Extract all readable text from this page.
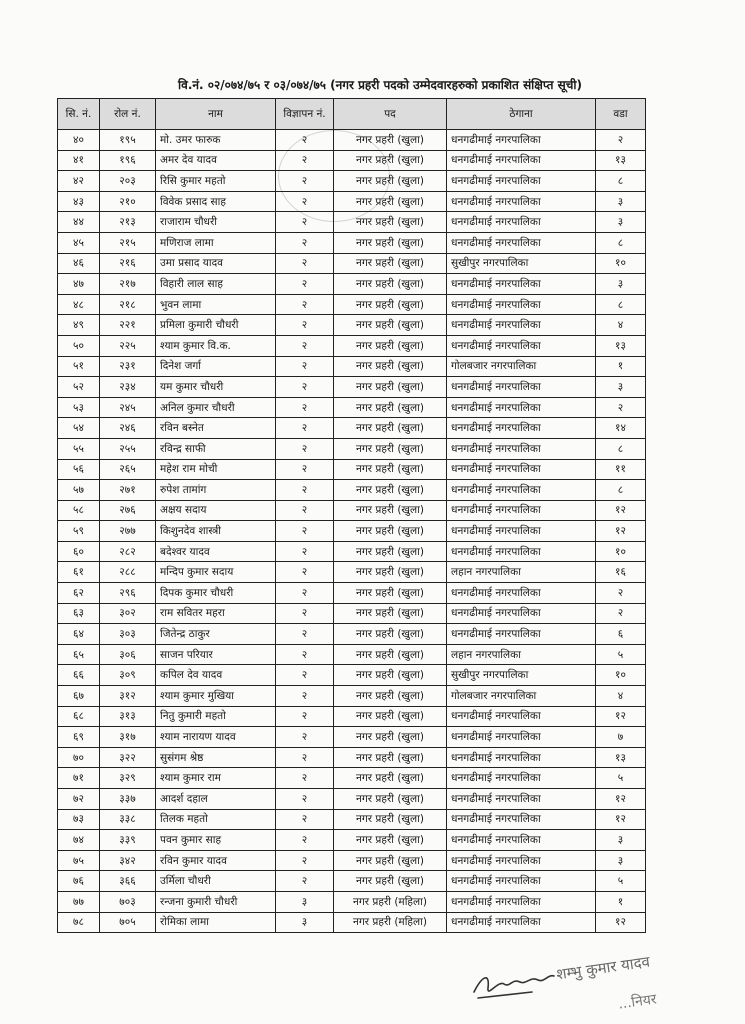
वि.नं. ०२/०७४/७५ र ०३/०७४/७५ (नगर प्रहरी पदको उम्मेदवारहरुको प्रकाशित संक्षिप्त सूची)
सि. नं.	रोल नं.	नाम	विज्ञापन नं.	पद	ठेगाना	वडा
४०	१९५	मो. उमर फारुक	२	नगर प्रहरी (खुला)	धनगढीमाई नगरपालिका	२
४१	१९६	अमर देव यादव	२	नगर प्रहरी (खुला)	धनगढीमाई नगरपालिका	१३
४२	२०३	रिसि कुमार महतो	२	नगर प्रहरी (खुला)	धनगढीमाई नगरपालिका	८
४३	२१०	विवेक प्रसाद साह	२	नगर प्रहरी (खुला)	धनगढीमाई नगरपालिका	३
४४	२१३	राजाराम चौधरी	२	नगर प्रहरी (खुला)	धनगढीमाई नगरपालिका	३
४५	२१५	मणिराज लामा	२	नगर प्रहरी (खुला)	धनगढीमाई नगरपालिका	८
४६	२१६	उमा प्रसाद यादव	२	नगर प्रहरी (खुला)	सुखीपुर नगरपालिका	१०
४७	२१७	विहारी लाल साह	२	नगर प्रहरी (खुला)	धनगढीमाई नगरपालिका	३
४८	२१८	भुवन लामा	२	नगर प्रहरी (खुला)	धनगढीमाई नगरपालिका	८
४९	२२१	प्रमिला कुमारी चौधरी	२	नगर प्रहरी (खुला)	धनगढीमाई नगरपालिका	४
५०	२२५	श्याम कुमार वि.क.	२	नगर प्रहरी (खुला)	धनगढीमाई नगरपालिका	१३
५१	२३१	दिनेश जर्गा	२	नगर प्रहरी (खुला)	गोलबजार नगरपालिका	१
५२	२३४	यम कुमार चौधरी	२	नगर प्रहरी (खुला)	धनगढीमाई नगरपालिका	३
५३	२४५	अनिल कुमार चौधरी	२	नगर प्रहरी (खुला)	धनगढीमाई नगरपालिका	२
५४	२४६	रविन बस्नेत	२	नगर प्रहरी (खुला)	धनगढीमाई नगरपालिका	१४
५५	२५५	रविन्द्र साफी	२	नगर प्रहरी (खुला)	धनगढीमाई नगरपालिका	८
५६	२६५	महेश राम मोची	२	नगर प्रहरी (खुला)	धनगढीमाई नगरपालिका	११
५७	२७१	रुपेश तामांग	२	नगर प्रहरी (खुला)	धनगढीमाई नगरपालिका	८
५८	२७६	अक्षय सदाय	२	नगर प्रहरी (खुला)	धनगढीमाई नगरपालिका	१२
५९	२७७	किशुनदेव शास्त्री	२	नगर प्रहरी (खुला)	धनगढीमाई नगरपालिका	१२
६०	२८२	बदेश्वर यादव	२	नगर प्रहरी (खुला)	धनगढीमाई नगरपालिका	१०
६१	२८८	मन्दिप कुमार सदाय	२	नगर प्रहरी (खुला)	लहान नगरपालिका	१६
६२	२९६	दिपक कुमार चौधरी	२	नगर प्रहरी (खुला)	धनगढीमाई नगरपालिका	२
६३	३०२	राम सवितर महरा	२	नगर प्रहरी (खुला)	धनगढीमाई नगरपालिका	२
६४	३०३	जितेन्द्र ठाकुर	२	नगर प्रहरी (खुला)	धनगढीमाई नगरपालिका	६
६५	३०६	साजन परियार	२	नगर प्रहरी (खुला)	लहान नगरपालिका	५
६६	३०९	कपिल देव यादव	२	नगर प्रहरी (खुला)	सुखीपुर नगरपालिका	१०
६७	३१२	श्याम कुमार मुखिया	२	नगर प्रहरी (खुला)	गोलबजार नगरपालिका	४
६८	३१३	नितु कुमारी महतो	२	नगर प्रहरी (खुला)	धनगढीमाई नगरपालिका	१२
६९	३१७	श्याम नारायण यादव	२	नगर प्रहरी (खुला)	धनगढीमाई नगरपालिका	७
७०	३२२	सुसंगम श्रेष्ठ	२	नगर प्रहरी (खुला)	धनगढीमाई नगरपालिका	१३
७१	३२९	श्याम कुमार राम	२	नगर प्रहरी (खुला)	धनगढीमाई नगरपालिका	५
७२	३३७	आदर्श दहाल	२	नगर प्रहरी (खुला)	धनगढीमाई नगरपालिका	१२
७३	३३८	तिलक महतो	२	नगर प्रहरी (खुला)	धनगढीमाई नगरपालिका	१२
७४	३३९	पवन कुमार साह	२	नगर प्रहरी (खुला)	धनगढीमाई नगरपालिका	३
७५	३४२	रविन कुमार यादव	२	नगर प्रहरी (खुला)	धनगढीमाई नगरपालिका	३
७६	३६६	उर्मिला चौधरी	२	नगर प्रहरी (खुला)	धनगढीमाई नगरपालिका	५
७७	७०३	रन्जना कुमारी चौधरी	३	नगर प्रहरी (महिला)	धनगढीमाई नगरपालिका	१
७८	७०५	रोमिका लामा	३	नगर प्रहरी (महिला)	धनगढीमाई नगरपालिका	१२
शम्भु कुमार यादव
...नियर
